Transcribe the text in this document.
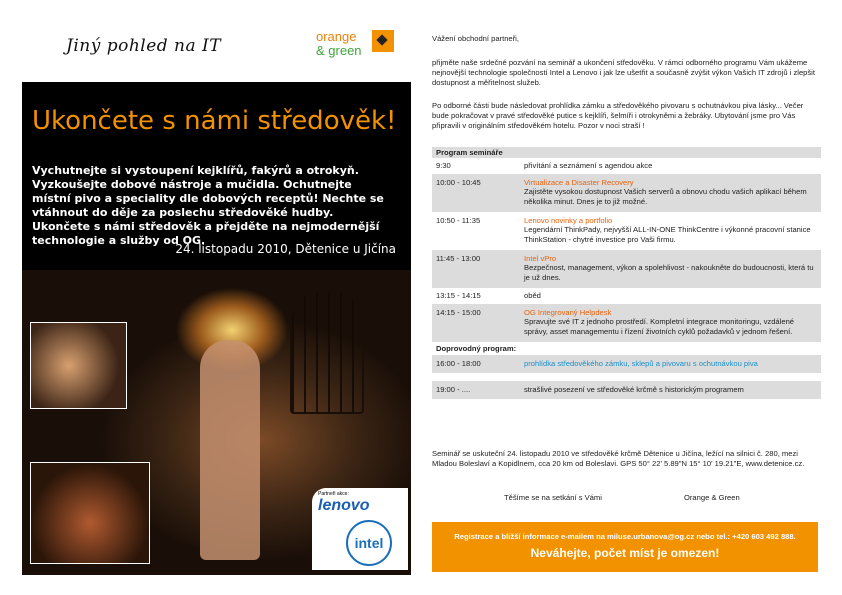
Jiný pohled na IT	orange
& green
Ukončete s námi středověk!
Vychutnejte si vystoupení kejklířů, fakýrů a otrokyň. Vyzkoušejte dobové nástroje a mučidla. Ochutnejte místní pivo a speciality dle dobových receptů! Nechte se vtáhnout do děje za poslechu středověké hudby. Ukončete s námi středověk a přejděte na nejmodernější technologie a služby od OG.
24. listopadu 2010, Dětenice u Jičína
Partneři akce:
lenovo
intel
Vážení obchodní partneři,
přijměte naše srdečné pozvání na seminář a ukončení středověku. V rámci odborného programu Vám ukážeme nejnovější technologie společností Intel a Lenovo i jak lze ušetřit a současně zvýšit výkon Vašich IT zdrojů i zlepšit dostupnost a měřitelnost služeb.
Po odborné části bude následovat prohlídka zámku a středověkého pivovaru s ochutnávkou piva lásky... Večer bude pokračovat v pravé středověké putice s kejklíři, šelmíři i otrokyněmi a žebráky. Ubytování jsme pro Vás připravili v originálním středověkém hotelu. Pozor v noci straší !
Program semináře	
9:30	přivítání a seznámení s agendou akce
10:00 - 10:45	Virtualizace a Disaster Recovery
Zajistěte vysokou dostupnost Vašich serverů a obnovu chodu vašich aplikací během několika minut. Dnes je to již možné.

10:50 - 11:35	Lenovo novinky a portfolio
Legendární ThinkPady, nejvyšší ALL-IN-ONE ThinkCentre i výkonné pracovní stanice ThinkStation - chytré investice pro Vaši firmu.

11:45 - 13:00	Intel vPro
Bezpečnost, management, výkon a spolehlivost - nakoukněte do budoucnosti, která tu je už dnes.

13:15 - 14:15	oběd
14:15 - 15:00	OG Integrovaný Helpdesk
Spravujte své IT z jednoho prostředí. Kompletní integrace monitoringu, vzdálené správy, asset managementu i řízení životních cyklů požadavků v jednom řešení.

Doprovodný program:	
16:00 - 18:00	prohlídka středověkého zámku, sklepů a pivovaru s ochutnávkou piva

19:00 - ....	strašlivé posezení ve středověké krčmě s historickým programem
Seminář se uskuteční 24. listopadu 2010 ve středověké krčmě Dětenice u Jičína, ležící na silnici č. 280, mezi Mladou Boleslaví a Kopidlnem, cca 20 km od Boleslavi. GPS 50° 22' 5.89"N 15° 10' 19.21"E, www.detenice.cz.
Těšíme se na setkání s Vámi	Orange & Green
Registrace a bližší informace e-mailem na miluse.urbanova@og.cz nebo tel.: +420 603 492 888.
Neváhejte, počet míst je omezen!
